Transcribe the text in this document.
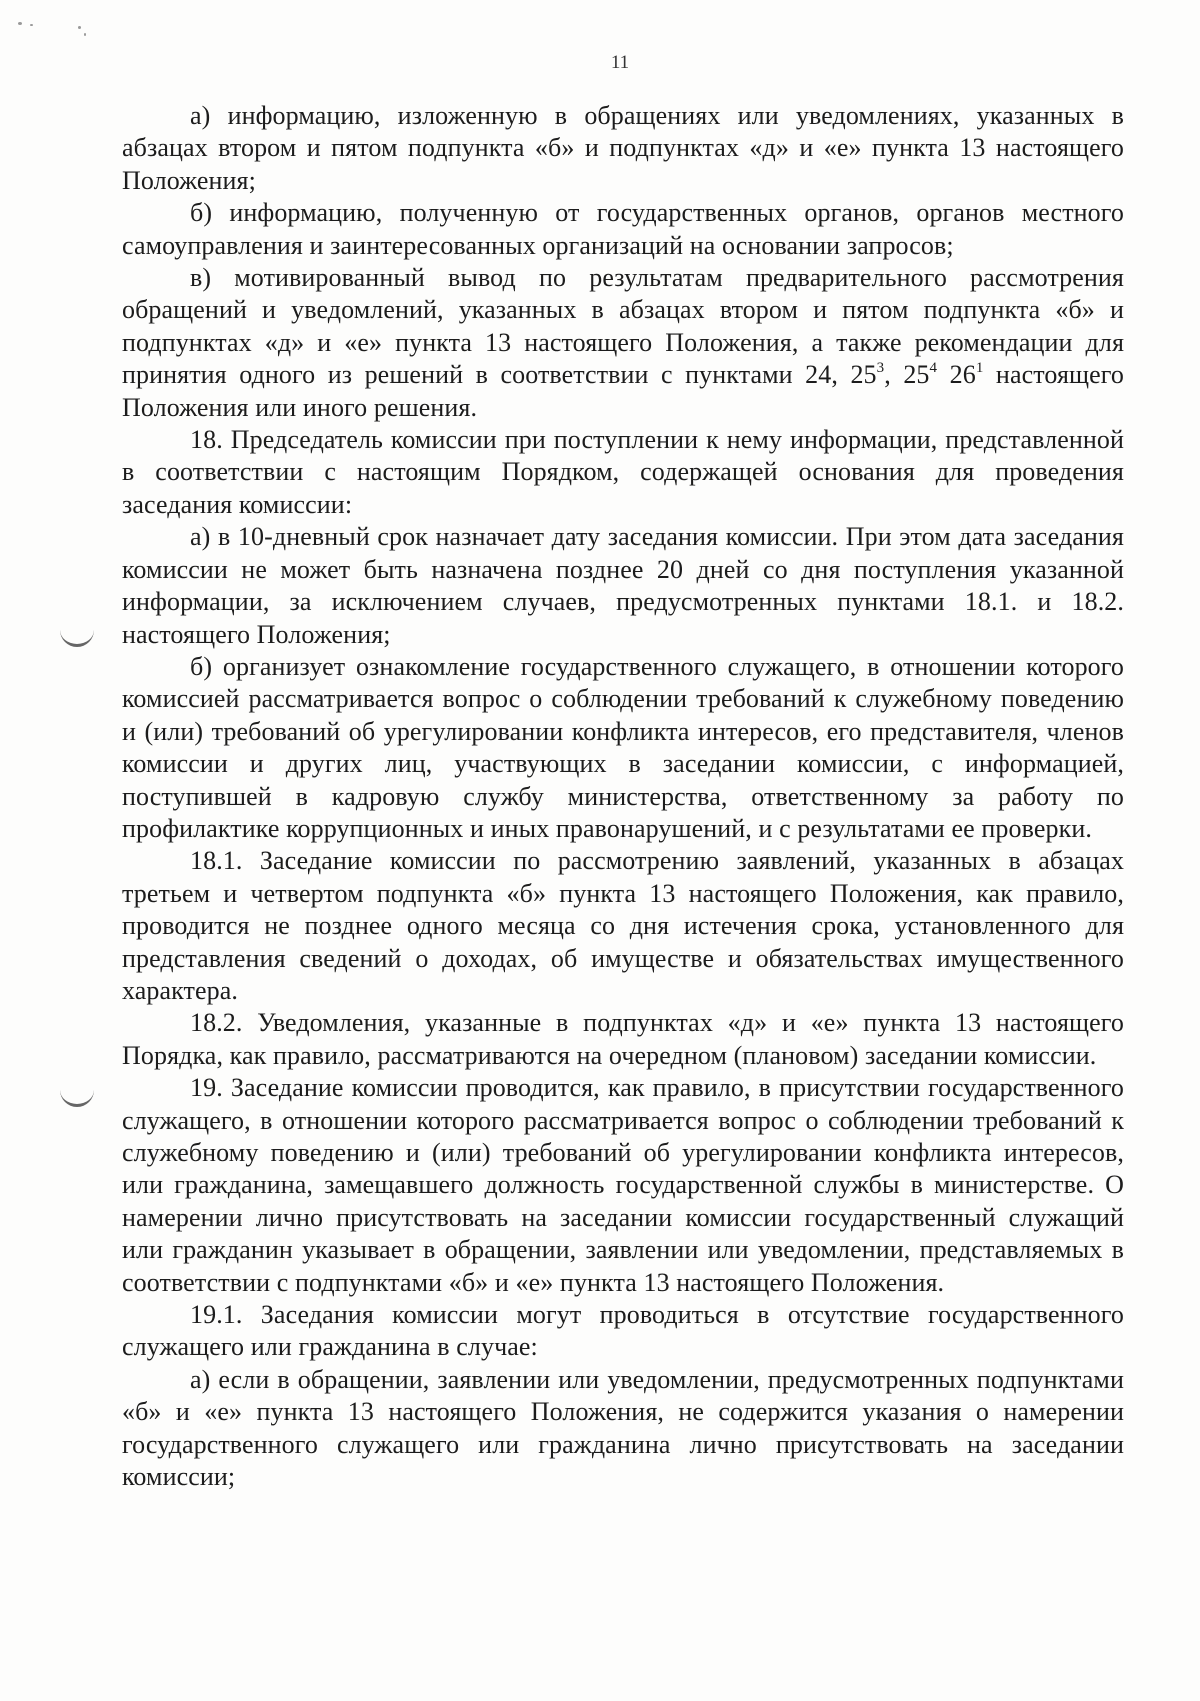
11

а) информацию, изложенную в обращениях или уведомлениях, указанных в абзацах втором и пятом подпункта «б» и подпунктах «д» и «е» пункта 13 настоящего Положения;

б) информацию, полученную от государственных органов, органов местного самоуправления и заинтересованных организаций на основании запросов;

в) мотивированный вывод по результатам предварительного рассмотрения обращений и уведомлений, указанных в абзацах втором и пятом подпункта «б» и подпунктах «д» и «е» пункта 13 настоящего Положения, а также рекомендации для принятия одного из решений в соответствии с пунктами 24, $25^3$, $25^4$ $26^1$ настоящего Положения или иного решения.

18. Председатель комиссии при поступлении к нему информации, представленной в соответствии с настоящим Порядком, содержащей основания для проведения заседания комиссии:

а) в 10-дневный срок назначает дату заседания комиссии. При этом дата заседания комиссии не может быть назначена позднее 20 дней со дня поступления указанной информации, за исключением случаев, предусмотренных пунктами 18.1. и 18.2. настоящего Положения;

б) организует ознакомление государственного служащего, в отношении которого комиссией рассматривается вопрос о соблюдении требований к служебному поведению и (или) требований об урегулировании конфликта интересов, его представителя, членов комиссии и других лиц, участвующих в заседании комиссии, с информацией, поступившей в кадровую службу министерства, ответственному за работу по профилактике коррупционных и иных правонарушений, и с результатами ее проверки.

18.1. Заседание комиссии по рассмотрению заявлений, указанных в абзацах третьем и четвертом подпункта «б» пункта 13 настоящего Положения, как правило, проводится не позднее одного месяца со дня истечения срока, установленного для представления сведений о доходах, об имуществе и обязательствах имущественного характера.

18.2. Уведомления, указанные в подпунктах «д» и «е» пункта 13 настоящего Порядка, как правило, рассматриваются на очередном (плановом) заседании комиссии.

19. Заседание комиссии проводится, как правило, в присутствии государственного служащего, в отношении которого рассматривается вопрос о соблюдении требований к служебному поведению и (или) требований об урегулировании конфликта интересов, или гражданина, замещавшего должность государственной службы в министерстве. О намерении лично присутствовать на заседании комиссии государственный служащий или гражданин указывает в обращении, заявлении или уведомлении, представляемых в соответствии с подпунктами «б» и «е» пункта 13 настоящего Положения.

19.1. Заседания комиссии могут проводиться в отсутствие государственного служащего или гражданина в случае:

а) если в обращении, заявлении или уведомлении, предусмотренных подпунктами «б» и «е» пункта 13 настоящего Положения, не содержится указания о намерении государственного служащего или гражданина лично присутствовать на заседании комиссии;
